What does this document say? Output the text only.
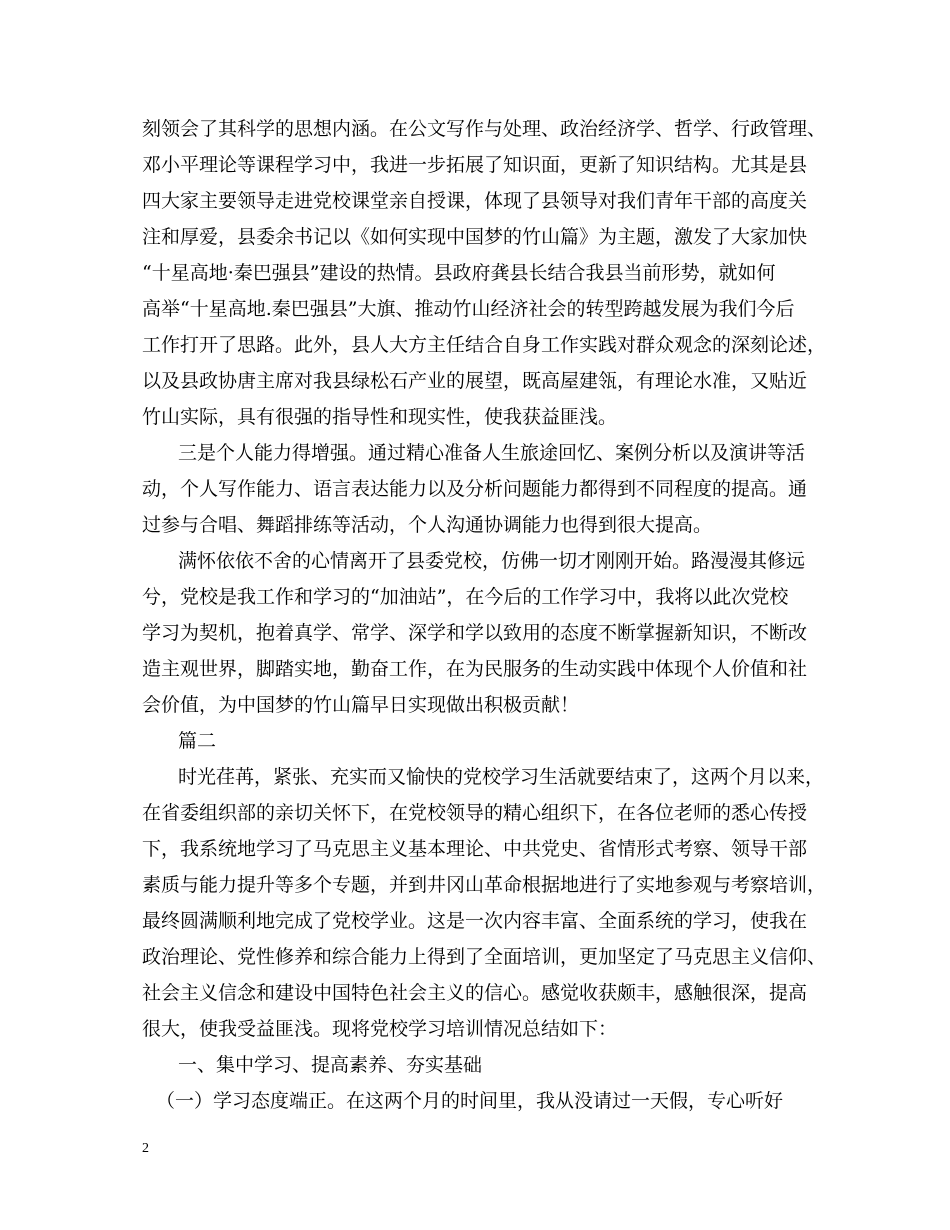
刻领会了其科学的思想内涵。在公文写作与处理、政治经济学、哲学、行政管理、
邓小平理论等课程学习中，我进一步拓展了知识面，更新了知识结构。尤其是县
四大家主要领导走进党校课堂亲自授课，体现了县领导对我们青年干部的高度关
注和厚爱，县委余书记以《如何实现中国梦的竹山篇》为主题，激发了大家加快
“十星高地·秦巴强县”建设的热情。县政府龚县长结合我县当前形势，就如何
高举“十星高地.秦巴强县”大旗、推动竹山经济社会的转型跨越发展为我们今后
工作打开了思路。此外，县人大方主任结合自身工作实践对群众观念的深刻论述，
以及县政协唐主席对我县绿松石产业的展望，既高屋建瓴，有理论水准，又贴近
竹山实际，具有很强的指导性和现实性，使我获益匪浅。
三是个人能力得增强。通过精心准备人生旅途回忆、案例分析以及演讲等活
动，个人写作能力、语言表达能力以及分析问题能力都得到不同程度的提高。通
过参与合唱、舞蹈排练等活动，个人沟通协调能力也得到很大提高。
满怀依依不舍的心情离开了县委党校，仿佛一切才刚刚开始。路漫漫其修远
兮，党校是我工作和学习的“加油站”，在今后的工作学习中，我将以此次党校
学习为契机，抱着真学、常学、深学和学以致用的态度不断掌握新知识，不断改
造主观世界，脚踏实地，勤奋工作，在为民服务的生动实践中体现个人价值和社
会价值，为中国梦的竹山篇早日实现做出积极贡献！
篇二
时光荏苒，紧张、充实而又愉快的党校学习生活就要结束了，这两个月以来，
在省委组织部的亲切关怀下，在党校领导的精心组织下，在各位老师的悉心传授
下，我系统地学习了马克思主义基本理论、中共党史、省情形式考察、领导干部
素质与能力提升等多个专题，并到井冈山革命根据地进行了实地参观与考察培训，
最终圆满顺利地完成了党校学业。这是一次内容丰富、全面系统的学习，使我在
政治理论、党性修养和综合能力上得到了全面培训，更加坚定了马克思主义信仰、
社会主义信念和建设中国特色社会主义的信心。感觉收获颇丰，感触很深，提高
很大，使我受益匪浅。现将党校学习培训情况总结如下：
一、集中学习、提高素养、夯实基础
（一）学习态度端正。在这两个月的时间里，我从没请过一天假，专心听好
2
